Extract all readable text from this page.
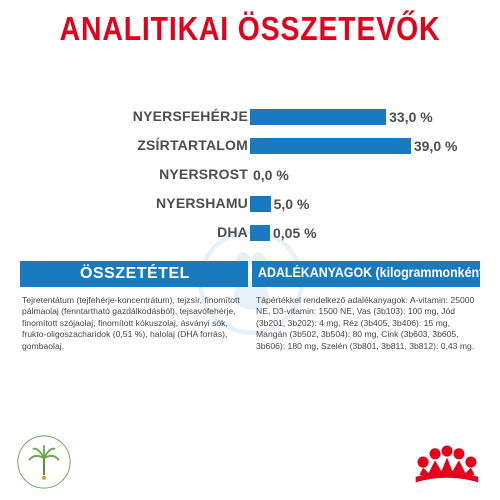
ANALITIKAI ÖSSZETEVŐK
NYERSFEHÉRJE	33,0 %
ZSÍRTARTALOM	39,0 %
NYERSROST 0,0 %
NYERSHAMU 5,0 %
DHA 0,05 %
ÖSSZETÉTEL	ADALÉKANYAGOK (kilogrammonként)
Tejretentátum (tejfehérje-koncentrátum), tejzsír, finomított pálmaolaj (fenntartható gazdálkodásból), tejsavófehérje, finomított szójaolaj, finomított kókuszolaj, ásványi sók, frukto-oligoszacharidok (0,51 %), halolaj (DHA forrás), gombaolaj.
Tápértékkel rendelkező adalékanyagok: A-vitamin: 25000 NE, D3-vitamin: 1500 NE, Vas (3b103): 100 mg, Jód (3b201, 3b202): 4 mg, Réz (3b405, 3b406): 15 mg, Mangán (3b502, 3b504): 80 mg, Cink (3b603, 3b605, 3b606): 180 mg, Szelén (3b801, 3b811, 3b812): 0,43 mg.
